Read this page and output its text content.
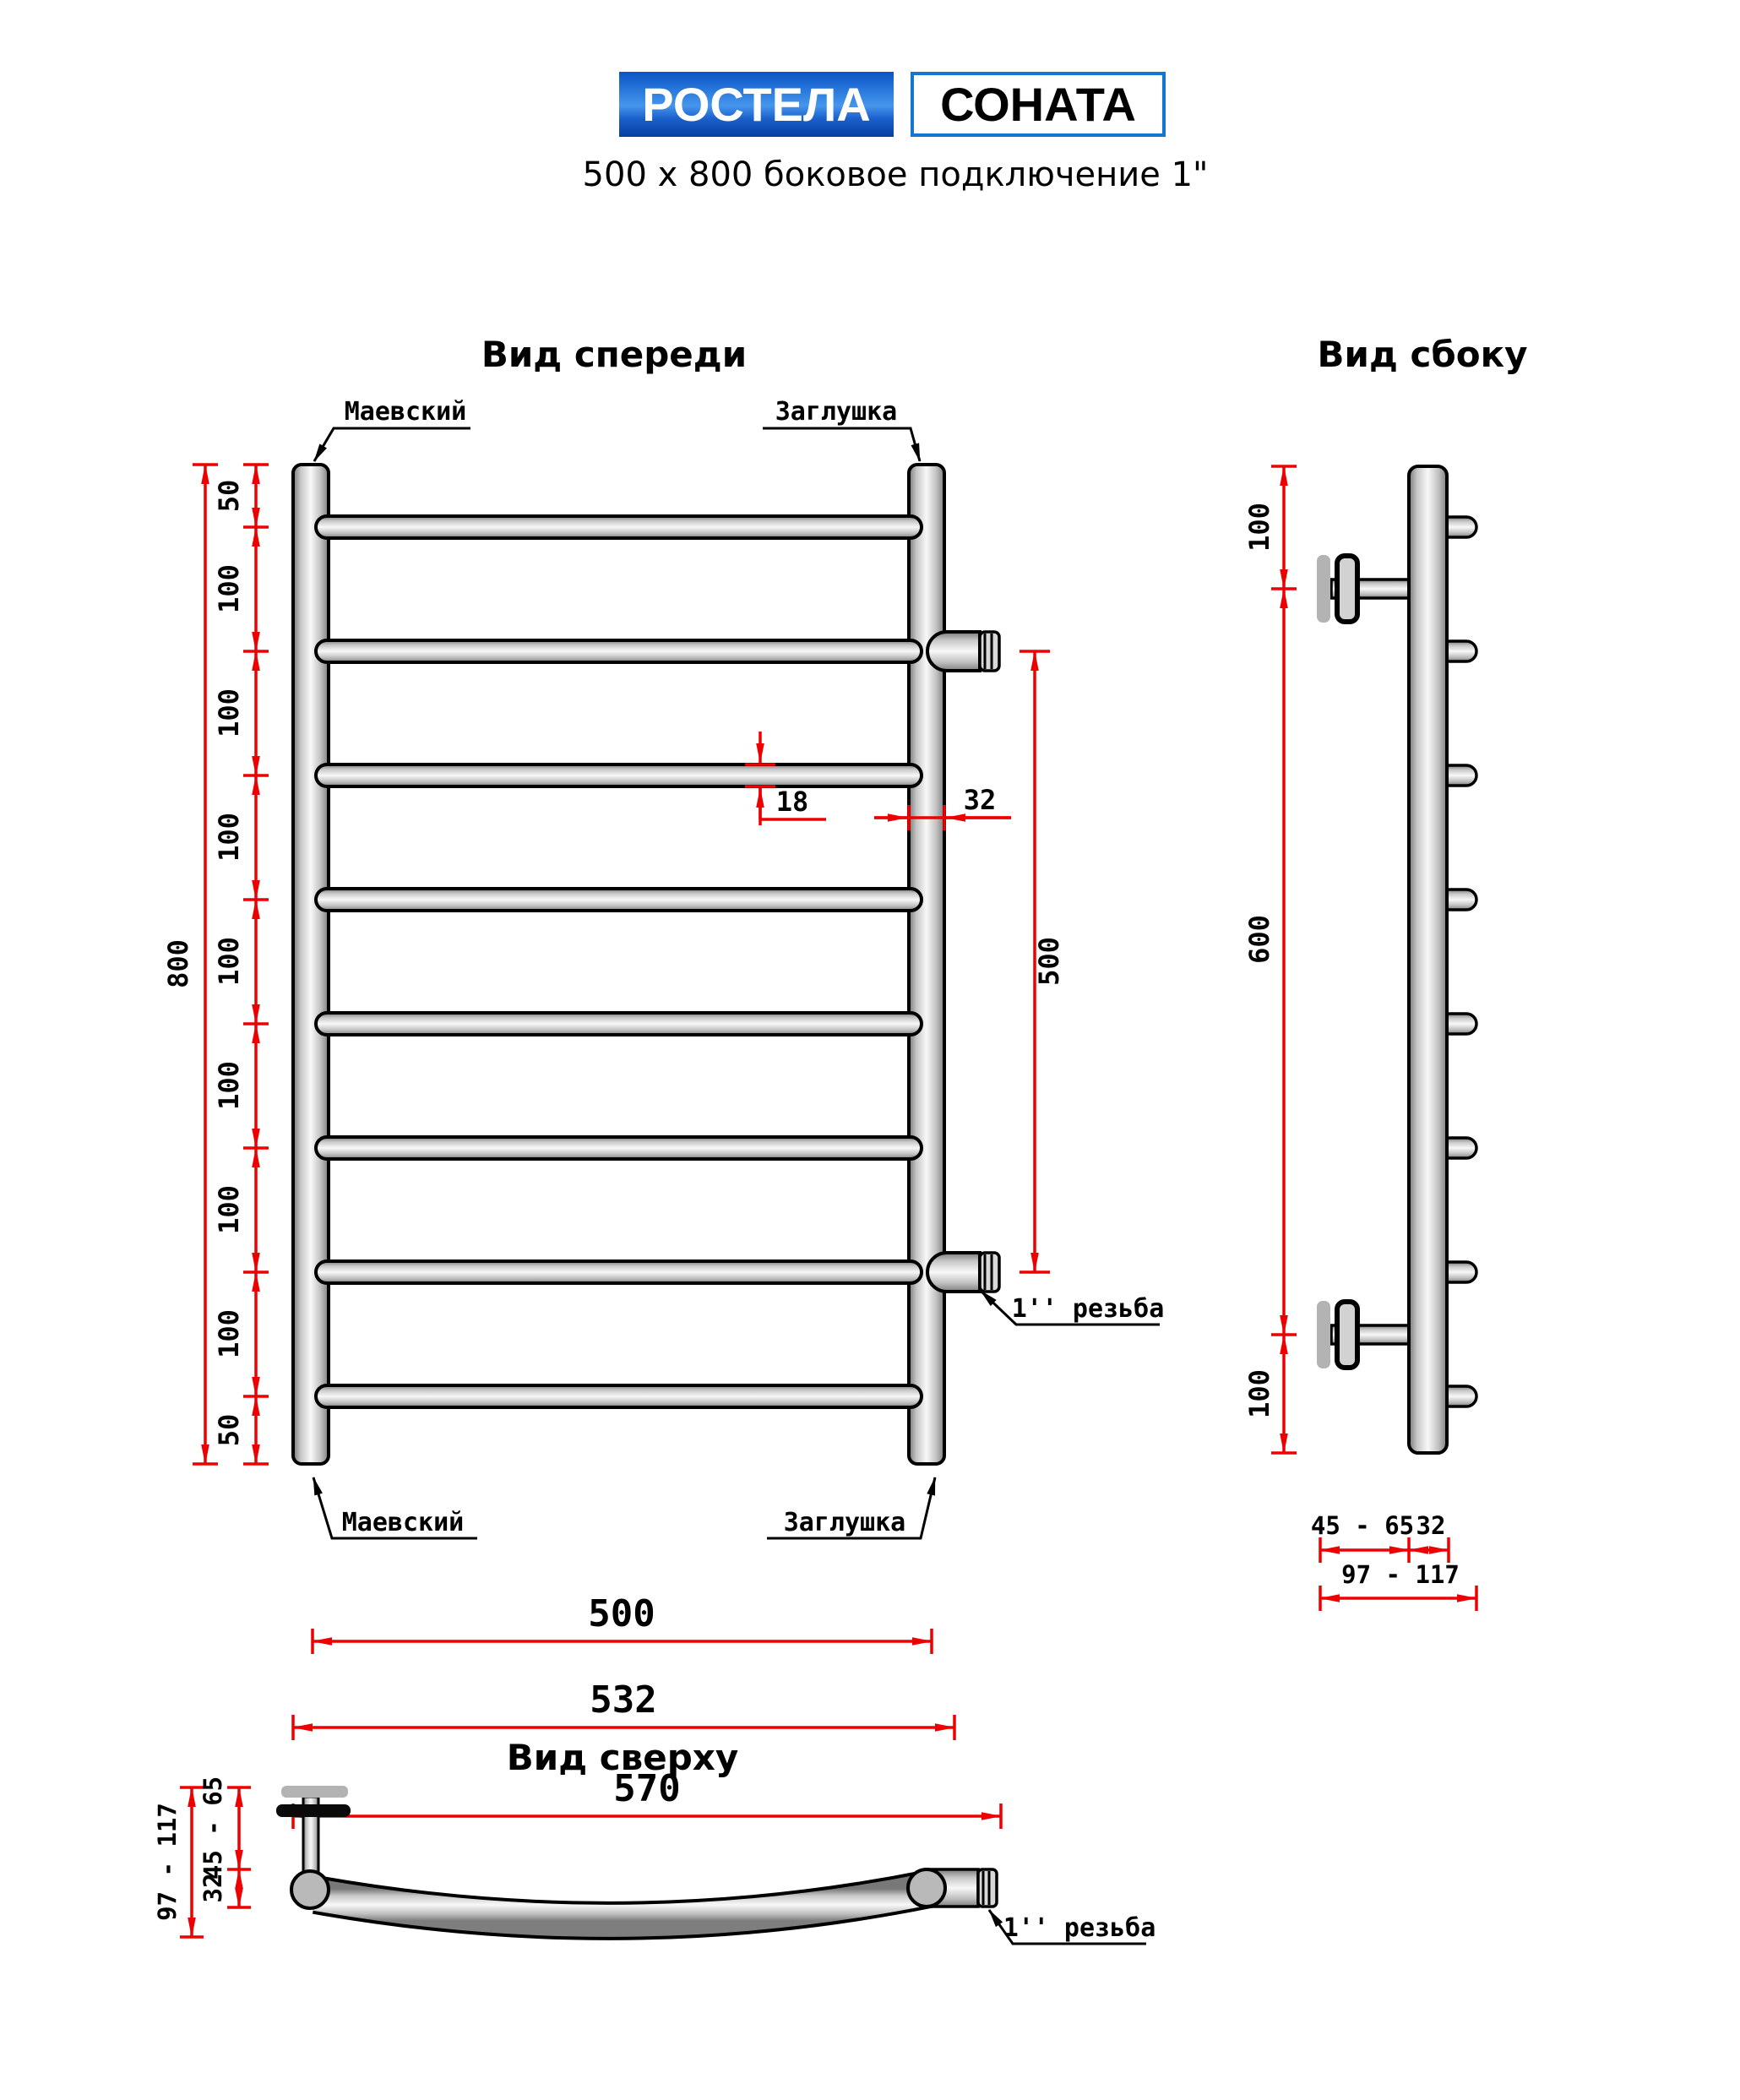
РОСТЕЛА СОНАТА
500 x 800 боковое подключение 1"
Вид спереди
Маевский	Заглушка
Маевский	Заглушка
1'' резьба
800
50
100
100
100
100
100
100
100
50
18	32
500
500
532
570
Вид сбоку
100
600
100
45 - 65 32
97 - 117
Вид сверху
1'' резьба
97 - 117 45 - 65
32
